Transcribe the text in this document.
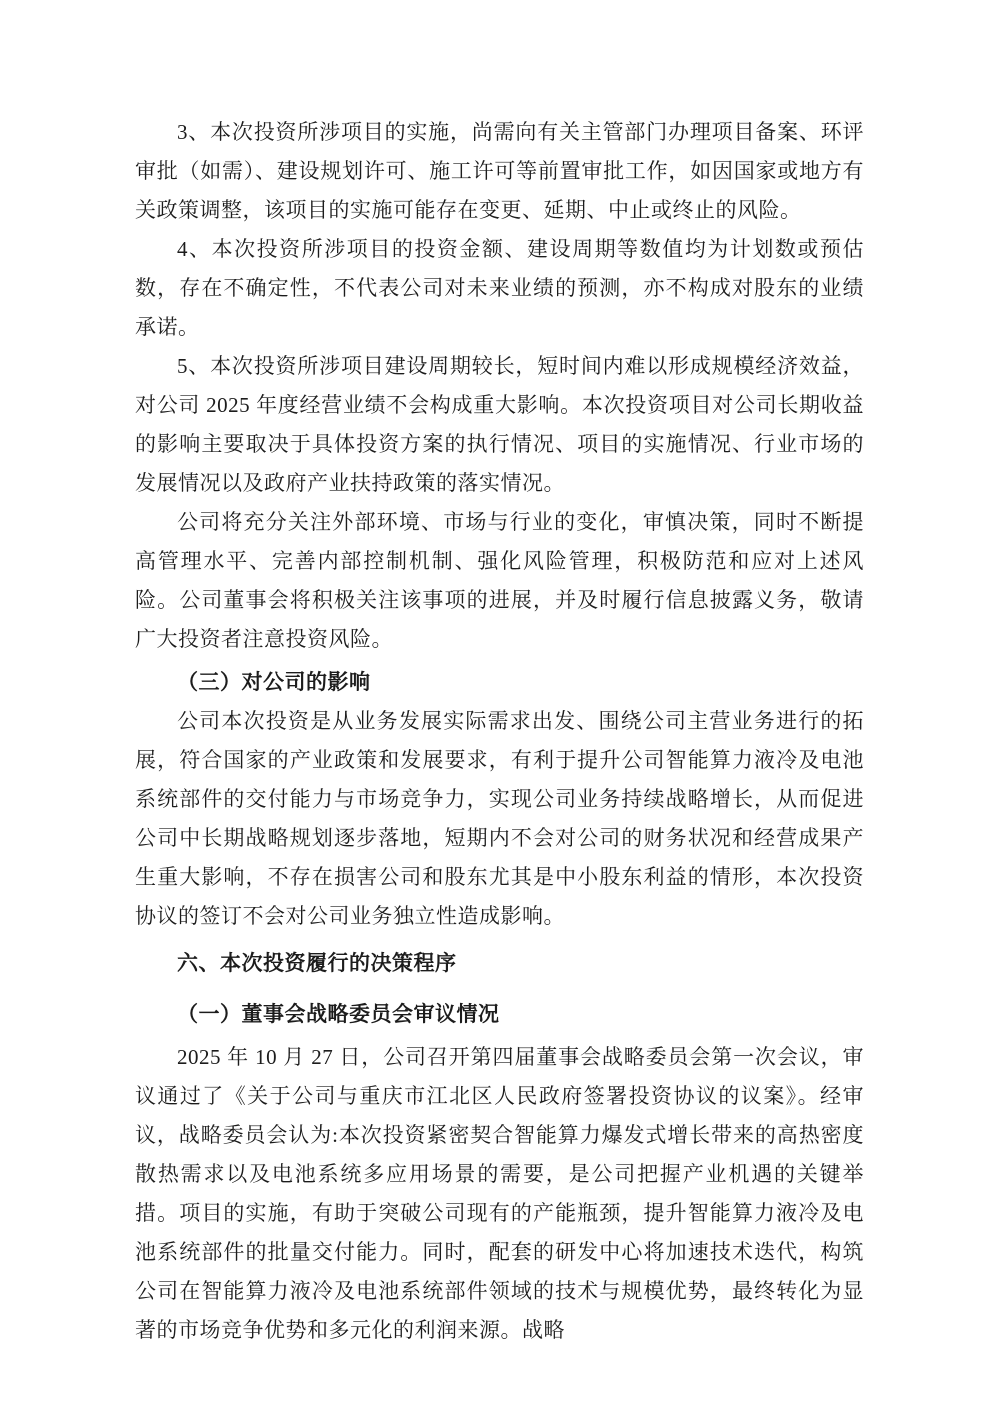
3、本次投资所涉项目的实施，尚需向有关主管部门办理项目备案、环评审批（如需）、建设规划许可、施工许可等前置审批工作，如因国家或地方有关政策调整，该项目的实施可能存在变更、延期、中止或终止的风险。

4、本次投资所涉项目的投资金额、建设周期等数值均为计划数或预估数，存在不确定性，不代表公司对未来业绩的预测，亦不构成对股东的业绩承诺。

5、本次投资所涉项目建设周期较长，短时间内难以形成规模经济效益，对公司 2025 年度经营业绩不会构成重大影响。本次投资项目对公司长期收益的影响主要取决于具体投资方案的执行情况、项目的实施情况、行业市场的发展情况以及政府产业扶持政策的落实情况。

公司将充分关注外部环境、市场与行业的变化，审慎决策，同时不断提高管理水平、完善内部控制机制、强化风险管理，积极防范和应对上述风险。公司董事会将积极关注该事项的进展，并及时履行信息披露义务，敬请广大投资者注意投资风险。

（三）对公司的影响

公司本次投资是从业务发展实际需求出发、围绕公司主营业务进行的拓展，符合国家的产业政策和发展要求，有利于提升公司智能算力液冷及电池系统部件的交付能力与市场竞争力，实现公司业务持续战略增长，从而促进公司中长期战略规划逐步落地，短期内不会对公司的财务状况和经营成果产生重大影响，不存在损害公司和股东尤其是中小股东利益的情形，本次投资协议的签订不会对公司业务独立性造成影响。

六、本次投资履行的决策程序

（一）董事会战略委员会审议情况

2025 年 10 月 27 日，公司召开第四届董事会战略委员会第一次会议，审议通过了《关于公司与重庆市江北区人民政府签署投资协议的议案》。经审议，战略委员会认为:本次投资紧密契合智能算力爆发式增长带来的高热密度散热需求以及电池系统多应用场景的需要，是公司把握产业机遇的关键举措。项目的实施，有助于突破公司现有的产能瓶颈，提升智能算力液冷及电池系统部件的批量交付能力。同时，配套的研发中心将加速技术迭代，构筑公司在智能算力液冷及电池系统部件领域的技术与规模优势，最终转化为显著的市场竞争优势和多元化的利润来源。战略
